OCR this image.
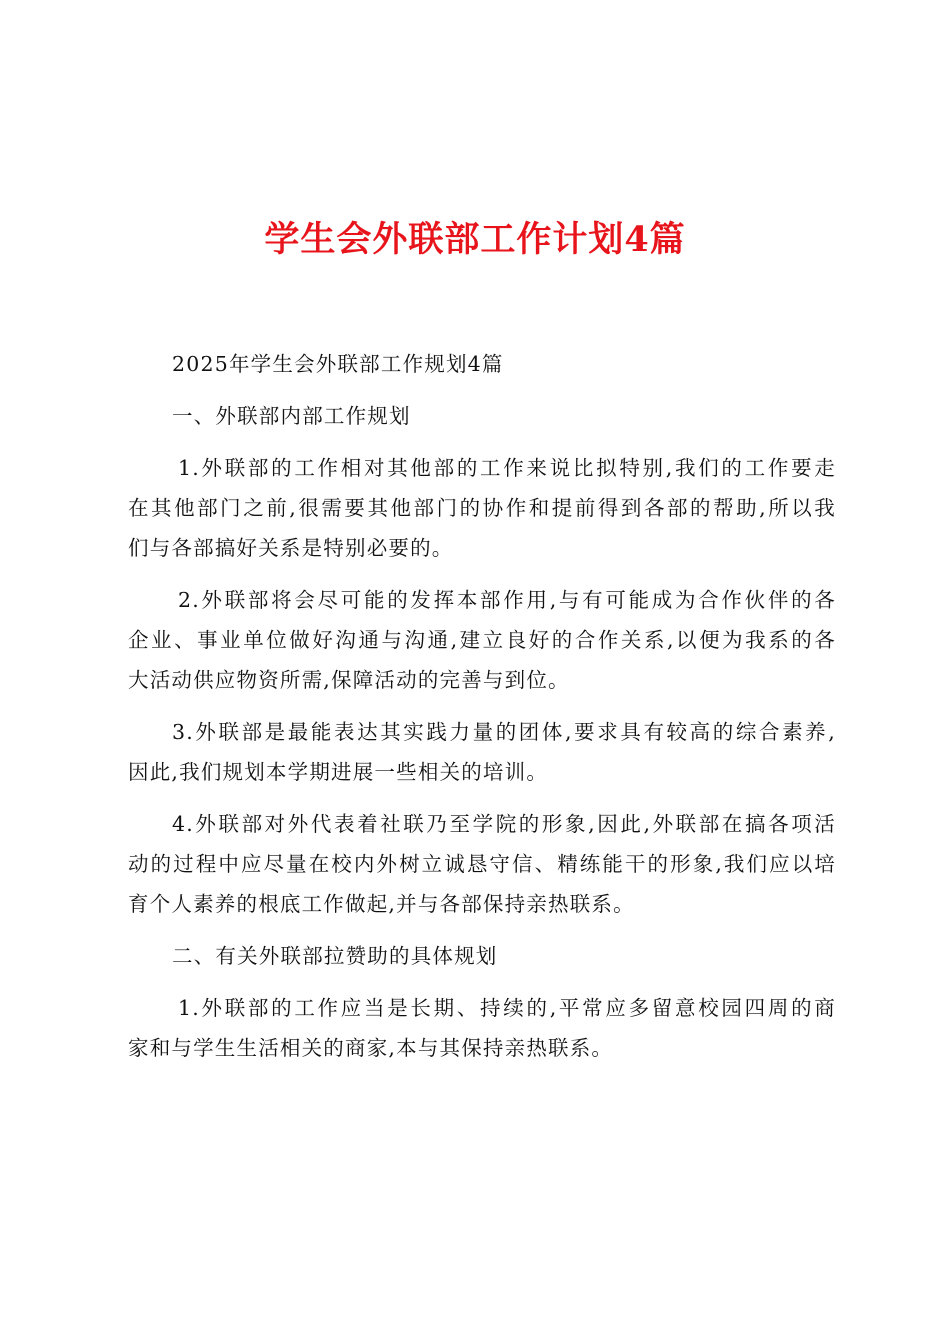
学生会外联部工作计划4篇
2025年学生会外联部工作规划4篇
一、外联部内部工作规划
1.外联部的工作相对其他部的工作来说比拟特别,我们的工作要走
在其他部门之前,很需要其他部门的协作和提前得到各部的帮助,所以我
们与各部搞好关系是特别必要的。
2.外联部将会尽可能的发挥本部作用,与有可能成为合作伙伴的各
企业、事业单位做好沟通与沟通,建立良好的合作关系,以便为我系的各
大活动供应物资所需,保障活动的完善与到位。
3.外联部是最能表达其实践力量的团体,要求具有较高的综合素养,
因此,我们规划本学期进展一些相关的培训。
4.外联部对外代表着社联乃至学院的形象,因此,外联部在搞各项活
动的过程中应尽量在校内外树立诚恳守信、精练能干的形象,我们应以培
育个人素养的根底工作做起,并与各部保持亲热联系。
二、有关外联部拉赞助的具体规划
1.外联部的工作应当是长期、持续的,平常应多留意校园四周的商
家和与学生生活相关的商家,本与其保持亲热联系。
